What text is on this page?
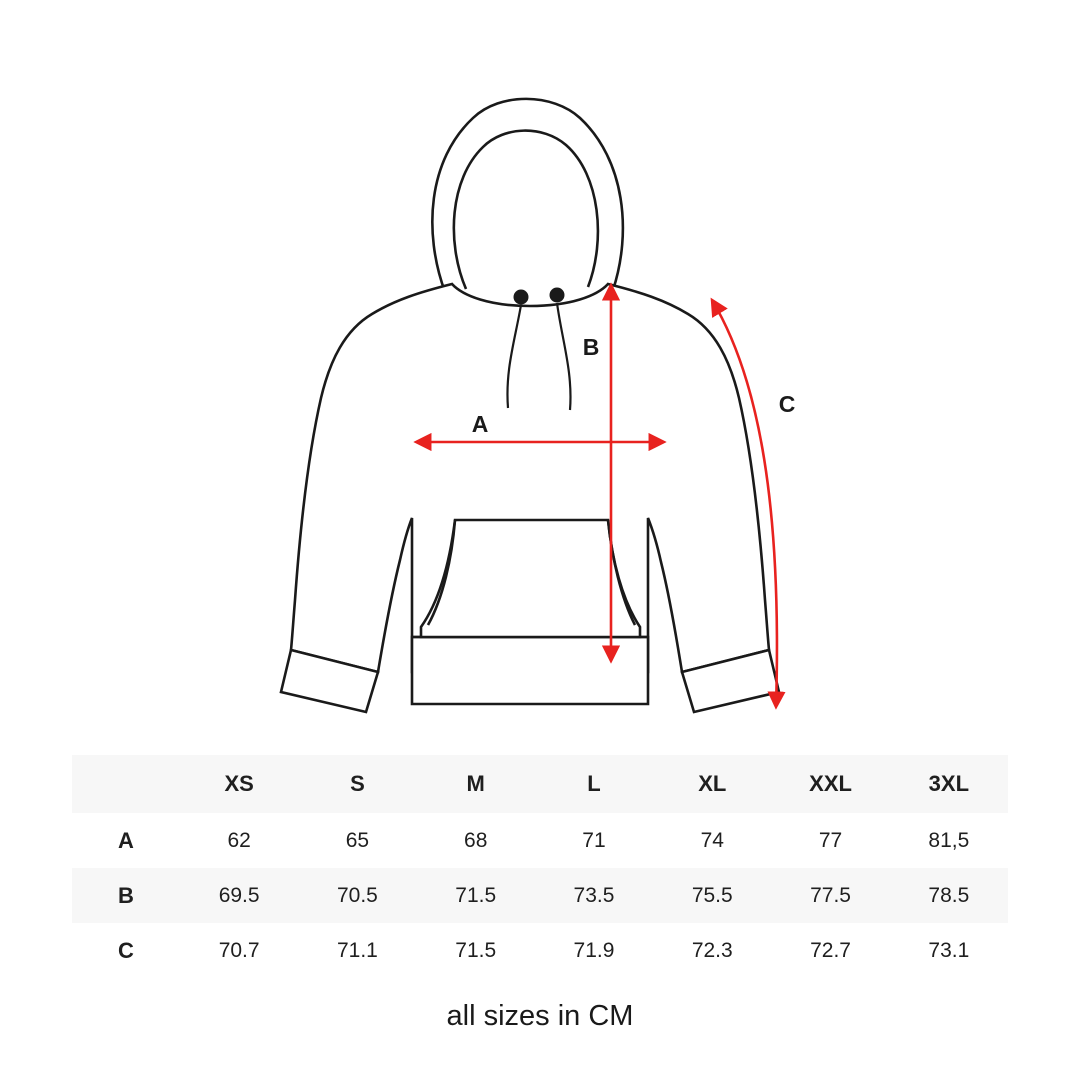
A
B
C
	XS	S	M	L	XL	XXL	3XL
A	62	65	68	71	74	77	81,5
B	69.5	70.5	71.5	73.5	75.5	77.5	78.5
C	70.7	71.1	71.5	71.9	72.3	72.7	73.1
all sizes in CM
